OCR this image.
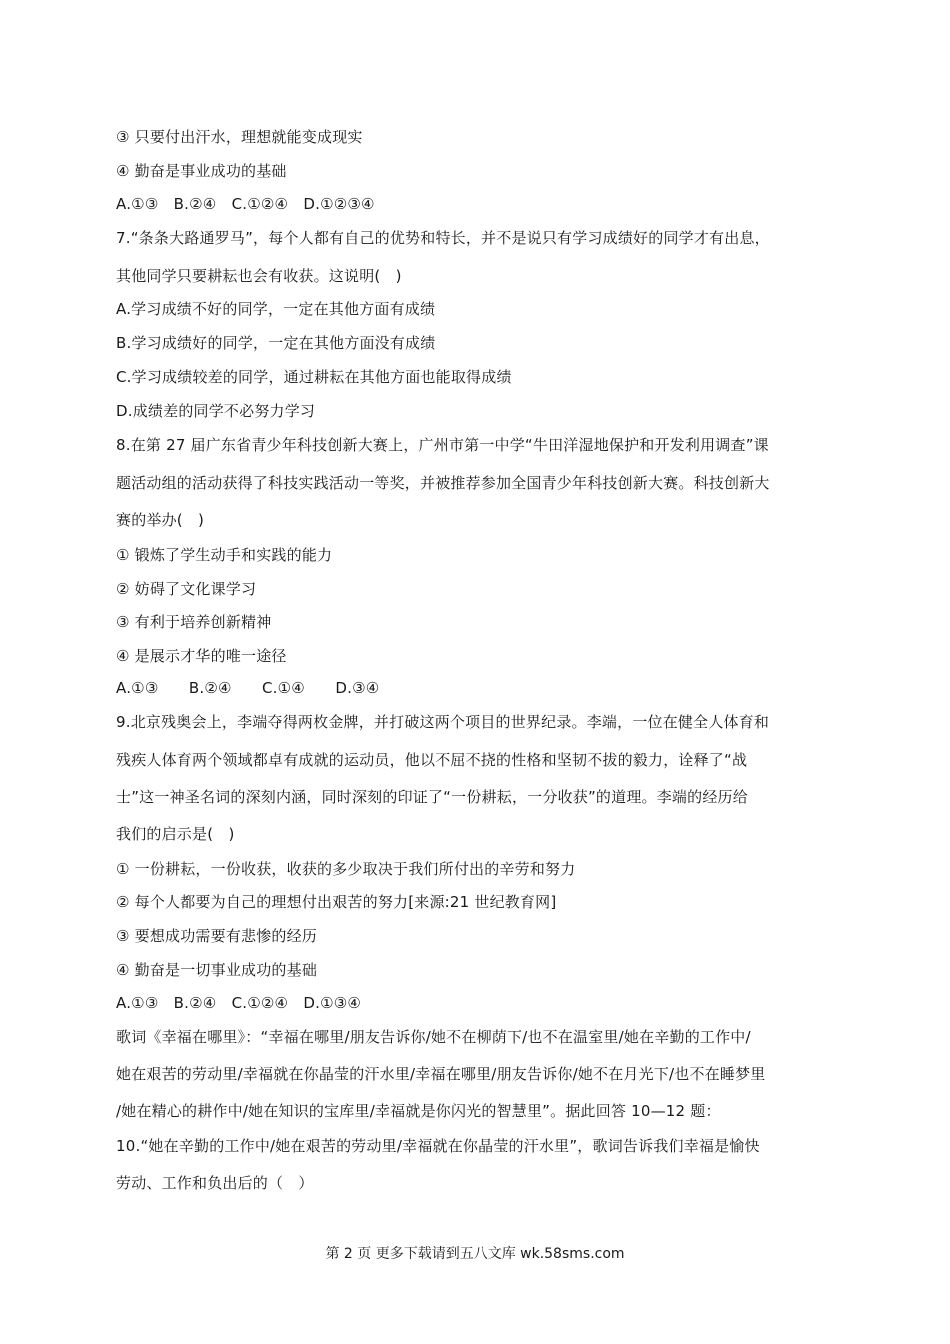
③ 只要付出汗水，理想就能变成现实
④ 勤奋是事业成功的基础
A.①③　B.②④　C.①②④　D.①②③④
7.“条条大路通罗马”，每个人都有自己的优势和特长，并不是说只有学习成绩好的同学才有出息，
其他同学只要耕耘也会有收获。这说明(　)
A.学习成绩不好的同学，一定在其他方面有成绩
B.学习成绩好的同学，一定在其他方面没有成绩
C.学习成绩较差的同学，通过耕耘在其他方面也能取得成绩
D.成绩差的同学不必努力学习
8.在第 27 届广东省青少年科技创新大赛上，广州市第一中学“牛田洋湿地保护和开发利用调查”课
题活动组的活动获得了科技实践活动一等奖，并被推荐参加全国青少年科技创新大赛。科技创新大
赛的举办(　)
① 锻炼了学生动手和实践的能力
② 妨碍了文化课学习
③ 有利于培养创新精神
④ 是展示才华的唯一途径
A.①③　　B.②④　　C.①④　　D.③④
9.北京残奥会上，李端夺得两枚金牌，并打破这两个项目的世界纪录。李端，一位在健全人体育和
残疾人体育两个领域都卓有成就的运动员，他以不屈不挠的性格和坚韧不拔的毅力，诠释了“战
士”这一神圣名词的深刻内涵，同时深刻的印证了“一份耕耘，一分收获”的道理。李端的经历给
我们的启示是(　)
① 一份耕耘，一份收获，收获的多少取决于我们所付出的辛劳和努力
② 每个人都要为自己的理想付出艰苦的努力[来源:21 世纪教育网]
③ 要想成功需要有悲惨的经历
④ 勤奋是一切事业成功的基础
A.①③　B.②④　C.①②④　D.①③④
歌词《幸福在哪里》：“幸福在哪里/朋友告诉你/她不在柳荫下/也不在温室里/她在辛勤的工作中/
她在艰苦的劳动里/幸福就在你晶莹的汗水里/幸福在哪里/朋友告诉你/她不在月光下/也不在睡梦里
/她在精心的耕作中/她在知识的宝库里/幸福就是你闪光的智慧里”。据此回答 10—12 题：
10.“她在辛勤的工作中/她在艰苦的劳动里/幸福就在你晶莹的汗水里”，歌词告诉我们幸福是愉快
劳动、工作和负出后的（　）
第 2 页 更多下载请到五八文库 wk.58sms.com
